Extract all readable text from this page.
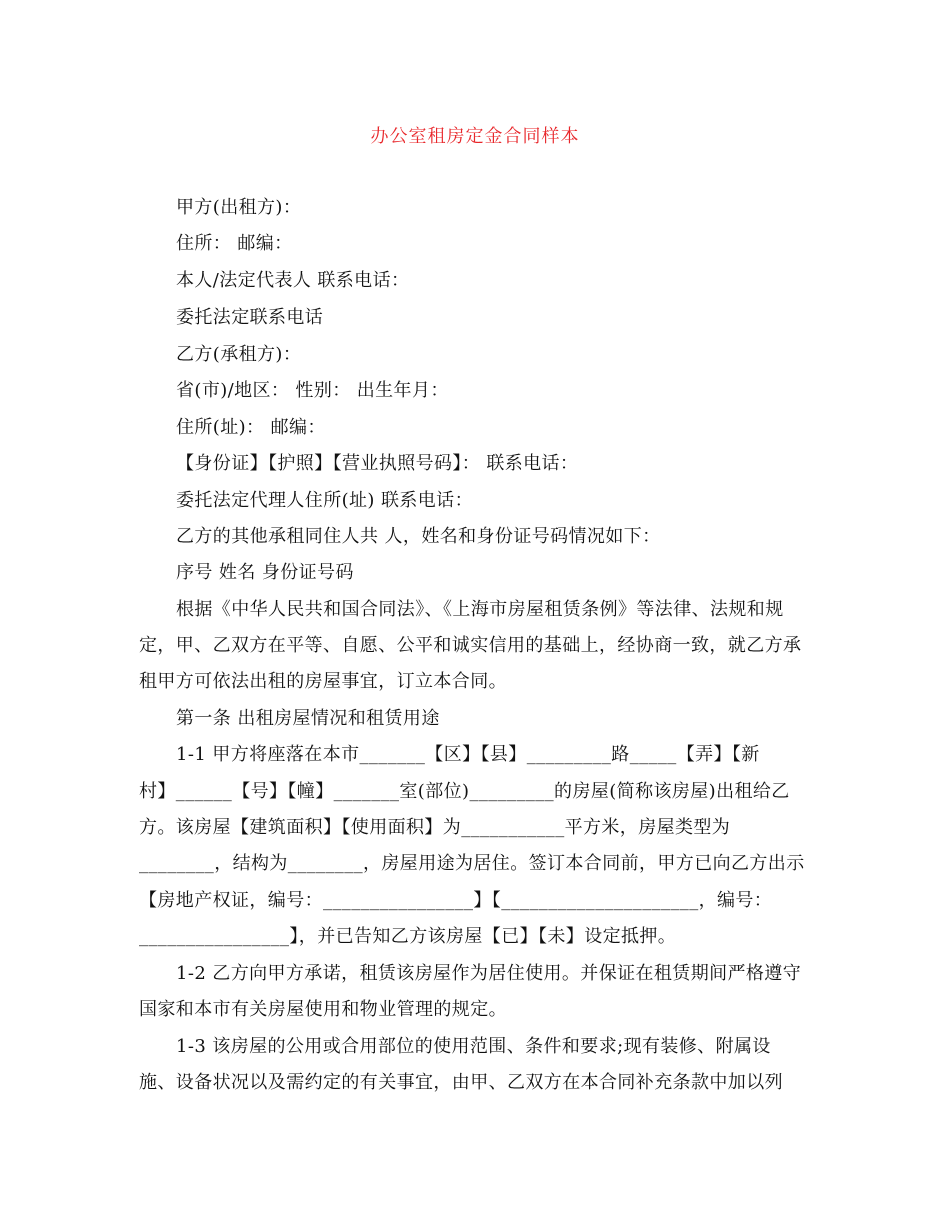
办公室租房定金合同样本
甲方(出租方)：
住所： 邮编：
本人/法定代表人 联系电话：
委托法定联系电话
乙方(承租方)：
省(市)/地区： 性别： 出生年月：
住所(址)： 邮编：
【身份证】【护照】【营业执照号码】： 联系电话：
委托法定代理人住所(址) 联系电话：
乙方的其他承租同住人共 人，姓名和身份证号码情况如下：
序号 姓名 身份证号码
根据《中华人民共和国合同法》、《上海市房屋租赁条例》等法律、法规和规
定，甲、乙双方在平等、自愿、公平和诚实信用的基础上，经协商一致，就乙方承
租甲方可依法出租的房屋事宜，订立本合同。
第一条 出租房屋情况和租赁用途
1-1 甲方将座落在本市_______【区】【县】_________路_____【弄】【新
村】______【号】【幢】_______室(部位)_________的房屋(简称该房屋)出租给乙
方。该房屋【建筑面积】【使用面积】为___________平方米，房屋类型为
________，结构为________，房屋用途为居住。签订本合同前，甲方已向乙方出示
【房地产权证，编号：________________】【_____________________，编号：
________________】，并已告知乙方该房屋【已】【未】设定抵押。
1-2 乙方向甲方承诺，租赁该房屋作为居住使用。并保证在租赁期间严格遵守
国家和本市有关房屋使用和物业管理的规定。
1-3 该房屋的公用或合用部位的使用范围、条件和要求;现有装修、附属设
施、设备状况以及需约定的有关事宜，由甲、乙双方在本合同补充条款中加以列
